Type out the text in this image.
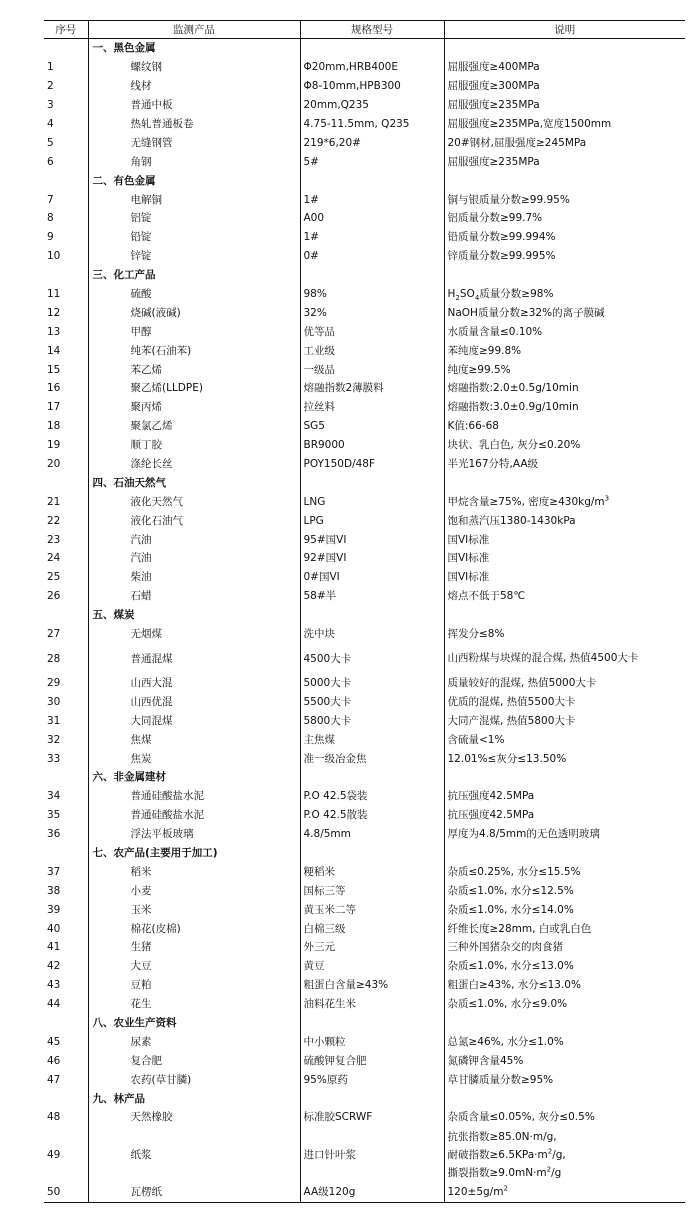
序号	监测产品	规格型号	说明
	一、黑色金属		
1	螺纹钢	Φ20mm,HRB400E	屈服强度≥400MPa
2	线材	Φ8-10mm,HPB300	屈服强度≥300MPa
3	普通中板	20mm,Q235	屈服强度≥235MPa
4	热轧普通板卷	4.75-11.5mm, Q235	屈服强度≥235MPa,宽度1500mm
5	无缝钢管	219*6,20#	20#钢材,屈服强度≥245MPa
6	角钢	5#	屈服强度≥235MPa
	二、有色金属		
7	电解铜	1#	铜与银质量分数≥99.95%
8	铝锭	A00	铝质量分数≥99.7%
9	铅锭	1#	铅质量分数≥99.994%
10	锌锭	0#	锌质量分数≥99.995%
	三、化工产品		
11	硫酸	98%	$H_2SO_4$质量分数≥98%
12	烧碱(液碱)	32%	NaOH质量分数≥32%的离子膜碱
13	甲醇	优等品	水质量含量≤0.10%
14	纯苯(石油苯)	工业级	苯纯度≥99.8%
15	苯乙烯	一级品	纯度≥99.5%
16	聚乙烯(LLDPE)	熔融指数2薄膜料	熔融指数:2.0±0.5g/10min
17	聚丙烯	拉丝料	熔融指数:3.0±0.9g/10min
18	聚氯乙烯	SG5	K值:66-68
19	顺丁胶	BR9000	块状、乳白色, 灰分≤0.20%
20	涤纶长丝	POY150D/48F	半光167分特,AA级
	四、石油天然气		
21	液化天然气	LNG	甲烷含量≥75%, 密度$\ge 430kg/m^3$
22	液化石油气	LPG	饱和蒸汽压1380-1430kPa
23	汽油	95#国VI	国VI标准
24	汽油	92#国VI	国VI标准
25	柴油	0#国VI	国VI标准
26	石蜡	58#半	熔点不低于58℃
	五、煤炭		
27	无烟煤	洗中块	挥发分≤8%
28	普通混煤	4500大卡	山西粉煤与块煤的混合煤, 热值4500大卡
29	山西大混	5000大卡	质量较好的混煤, 热值5000大卡
30	山西优混	5500大卡	优质的混煤, 热值5500大卡
31	大同混煤	5800大卡	大同产混煤, 热值5800大卡
32	焦煤	主焦煤	含硫量<1%
33	焦炭	准一级冶金焦	12.01%≤灰分≤13.50%
	六、非金属建材		
34	普通硅酸盐水泥	P.O 42.5袋装	抗压强度42.5MPa
35	普通硅酸盐水泥	P.O 42.5散装	抗压强度42.5MPa
36	浮法平板玻璃	4.8/5mm	厚度为4.8/5mm的无色透明玻璃
	七、农产品(主要用于加工)		
37	稻米	粳稻米	杂质≤0.25%, 水分≤15.5%
38	小麦	国标三等	杂质≤1.0%, 水分≤12.5%
39	玉米	黄玉米二等	杂质≤1.0%, 水分≤14.0%
40	棉花(皮棉)	白棉三级	纤维长度≥28mm, 白或乳白色
41	生猪	外三元	三种外国猪杂交的肉食猪
42	大豆	黄豆	杂质≤1.0%, 水分≤13.0%
43	豆粕	粗蛋白含量≥43%	粗蛋白≥43%, 水分≤13.0%
44	花生	油料花生米	杂质≤1.0%, 水分≤9.0%
	八、农业生产资料		
45	尿素	中小颗粒	总氮≥46%, 水分≤1.0%
46	复合肥	硫酸钾复合肥	氮磷钾含量45%
47	农药(草甘膦)	95%原药	草甘膦质量分数≥95%
	九、林产品		
48	天然橡胶	标准胶SCRWF	杂质含量≤0.05%, 灰分≤0.5%
49	纸浆	进口针叶浆	抗张指数≥85.0N·m/g,
耐破指数$\ge 6.5KPa\cdot m^2/g$,
撕裂指数$\ge 9.0mN\cdot m^2/g$

50	瓦楞纸	AA级120g	$120\pm 5g/m^2$
